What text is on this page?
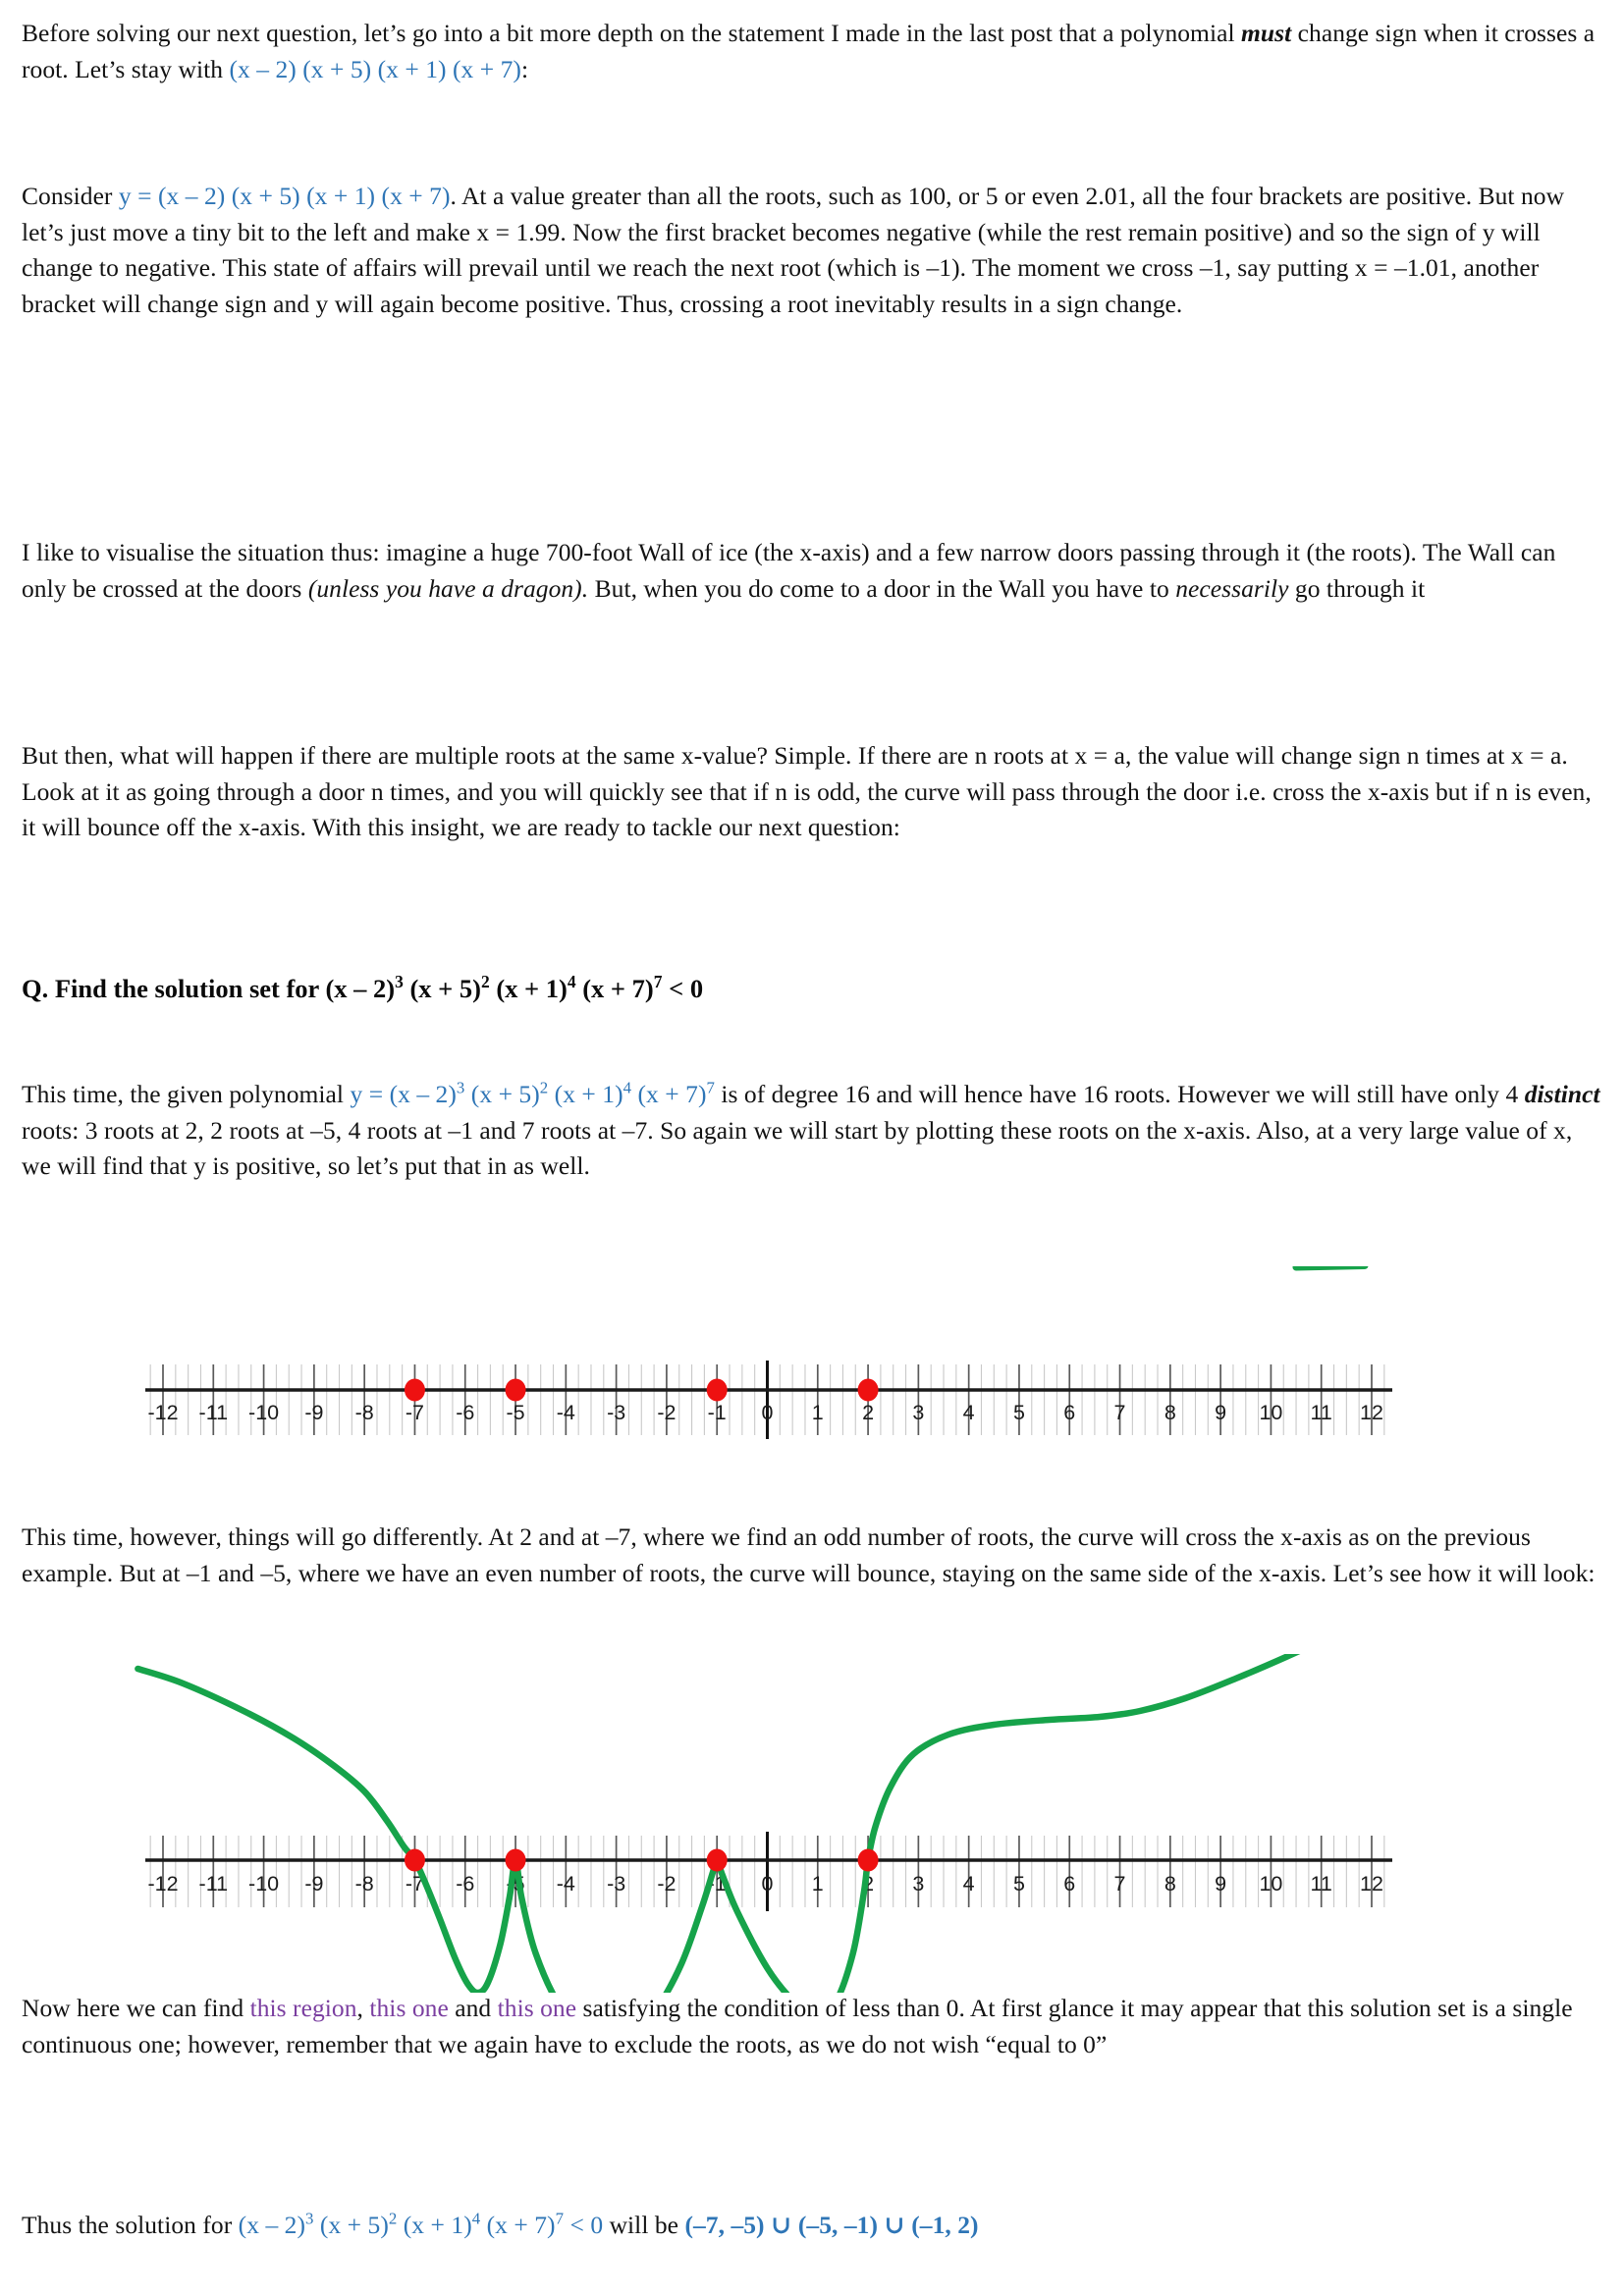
Before solving our next question, let’s go into a bit more depth on the statement I made in the last post that a polynomial must change sign when it crosses a root. Let’s stay with (x – 2) (x + 5) (x + 1) (x + 7):

Consider y = (x – 2) (x + 5) (x + 1) (x + 7). At a value greater than all the roots, such as 100, or 5 or even 2.01, all the four brackets are positive. But now let’s just move a tiny bit to the left and make x = 1.99. Now the first bracket becomes negative (while the rest remain positive) and so the sign of y will change to negative. This state of affairs will prevail until we reach the next root (which is –1). The moment we cross –1, say putting x = –1.01, another bracket will change sign and y will again become positive. Thus, crossing a root inevitably results in a sign change.

I like to visualise the situation thus: imagine a huge 700-foot Wall of ice (the x-axis) and a few narrow doors passing through it (the roots). The Wall can only be crossed at the doors (unless you have a dragon). But, when you do come to a door in the Wall you have to necessarily go through it

But then, what will happen if there are multiple roots at the same x-value? Simple. If there are n roots at x = a, the value will change sign n times at x = a. Look at it as going through a door n times, and you will quickly see that if n is odd, the curve will pass through the door i.e. cross the x-axis but if n is even, it will bounce off the x-axis. With this insight, we are ready to tackle our next question:

Q. Find the solution set for (x – 2)$^3$ $(x + 5)^2$ $(x + 1)^4$ $(x + 7)^7 < 0$

This time, the given polynomial y = (x – 2)$^3$ $(x + 5)^2$ $(x + 1)^4$ $(x + 7)^7$ is of degree 16 and will hence have 16 roots. However we will still have only 4 distinct roots: 3 roots at 2, 2 roots at –5, 4 roots at –1 and 7 roots at –7. So again we will start by plotting these roots on the x-axis. Also, at a very large value of x, we will find that y is positive, so let’s put that in as well.

-12 -11 -10 -9 -8 -7 -6 -5 -4 -3 -2 -1 0 1 2 3 4 5 6 7 8 9 10 11 12

This time, however, things will go differently. At 2 and at –7, where we find an odd number of roots, the curve will cross the x-axis as on the previous example. But at –1 and –5, where we have an even number of roots, the curve will bounce, staying on the same side of the x-axis. Let’s see how it will look:

-12 -11 -10 -9 -8 -7 -6 -5 -4 -3 -2 -1 0 1 2 3 4 5 6 7 8 9 10 11 12

Now here we can find this region, this one and this one satisfying the condition of less than 0. At first glance it may appear that this solution set is a single continuous one; however, remember that we again have to exclude the roots, as we do not wish “equal to 0”

Thus the solution for (x – 2)$^3$ $(x + 5)^2$ $(x + 1)^4$ $(x + 7)^7 < 0$ will be (–7, –5) ∪ (–5, –1) ∪ (–1, 2)
